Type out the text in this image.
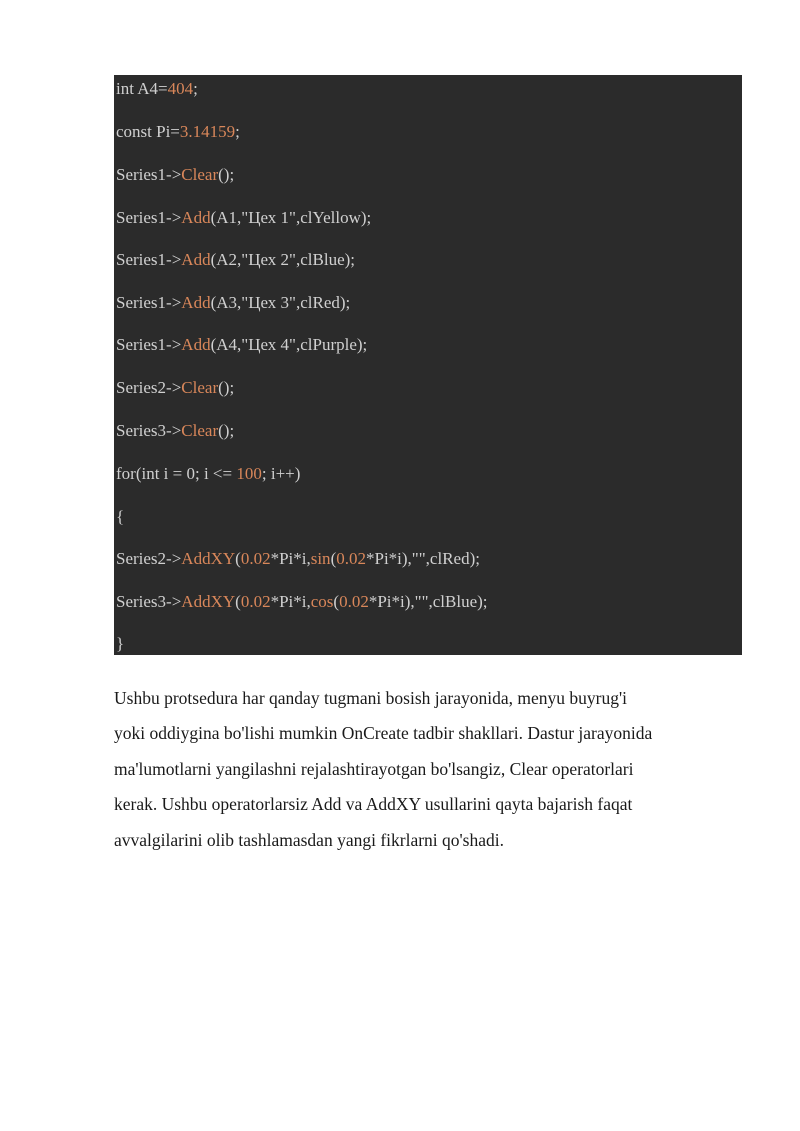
int A4=404;
const Pi=3.14159;
Series1->Clear();
Series1->Add(A1,"Цех 1",clYellow);
Series1->Add(A2,"Цех 2",clBlue);
Series1->Add(A3,"Цех 3",clRed);
Series1->Add(A4,"Цех 4",clPurple);
Series2->Clear();
Series3->Clear();
for(int i = 0; i <= 100; i++)
{
Series2->AddXY(0.02*Pi*i,sin(0.02*Pi*i),"",clRed);
Series3->AddXY(0.02*Pi*i,cos(0.02*Pi*i),"",clBlue);
}
Ushbu protsedura har qanday tugmani bosish jarayonida, menyu buyrug'i
yoki oddiygina bo'lishi mumkin OnCreate tadbir shakllari. Dastur jarayonida
ma'lumotlarni yangilashni rejalashtirayotgan bo'lsangiz, Clear operatorlari
kerak. Ushbu operatorlarsiz Add va AddXY usullarini qayta bajarish faqat
avvalgilarini olib tashlamasdan yangi fikrlarni qo'shadi.
